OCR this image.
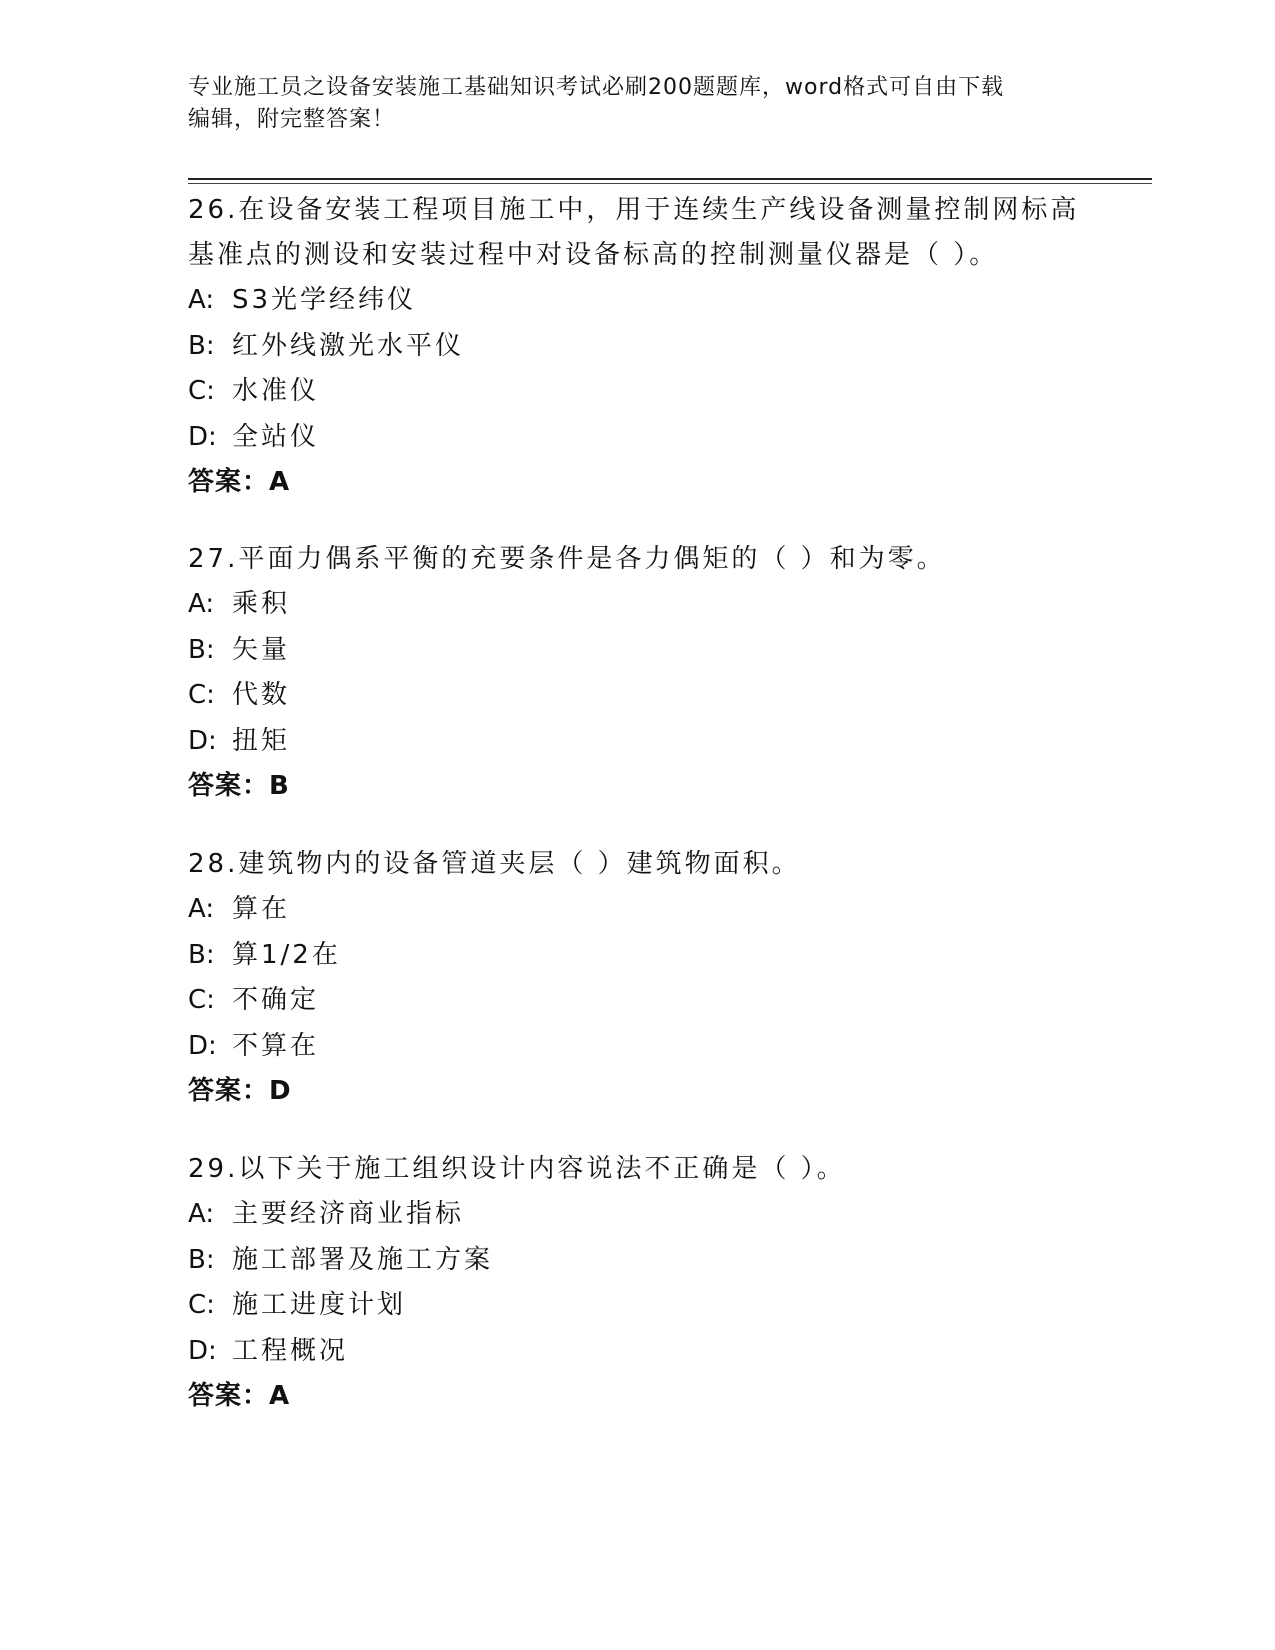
专业施工员之设备安装施工基础知识考试必刷200题题库，word格式可自由下载
编辑，附完整答案！

26.在设备安装工程项目施工中，用于连续生产线设备测量控制网标高基准点的测设和安装过程中对设备标高的控制测量仪器是（ ）。

A: S3光学经纬仪

B: 红外线激光水平仪

C: 水准仪

D: 全站仪

答案：A

27.平面力偶系平衡的充要条件是各力偶矩的（ ）和为零。

A: 乘积

B: 矢量

C: 代数

D: 扭矩

答案：B

28.建筑物内的设备管道夹层（ ）建筑物面积。

A: 算在

B: 算1/2在

C: 不确定

D: 不算在

答案：D

29.以下关于施工组织设计内容说法不正确是（ ）。

A: 主要经济商业指标

B: 施工部署及施工方案

C: 施工进度计划

D: 工程概况

答案：A
